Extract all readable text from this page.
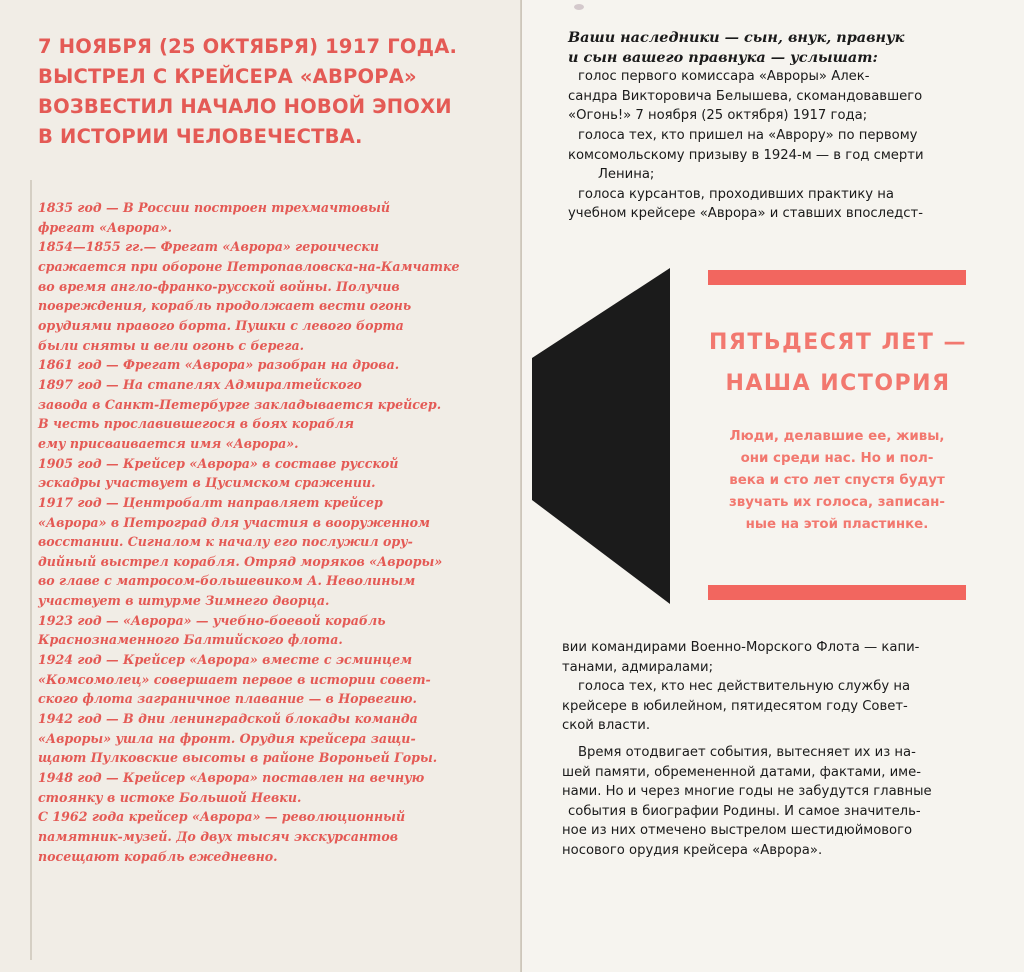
7 НОЯБРЯ (25 ОКТЯБРЯ) 1917 ГОДА.
ВЫСТРЕЛ С КРЕЙСЕРА «АВРОРА»
ВОЗВЕСТИЛ НАЧАЛО НОВОЙ ЭПОХИ
В ИСТОРИИ ЧЕЛОВЕЧЕСТВА.
1835 год — В России построен трехмачтовый
фрегат «Аврора».
1854—1855 гг.— Фрегат «Аврора» героически
сражается при обороне Петропавловска-на-Камчатке
во время англо-франко-русской войны. Получив
повреждения, корабль продолжает вести огонь
орудиями правого борта. Пушки с левого борта
были сняты и вели огонь с берега.
1861 год — Фрегат «Аврора» разобран на дрова.
1897 год — На стапелях Адмиралтейского
завода в Санкт-Петербурге закладывается крейсер.
В честь прославившегося в боях корабля
ему присваивается имя «Аврора».
1905 год — Крейсер «Аврора» в составе русской
эскадры участвует в Цусимском сражении.
1917 год — Центробалт направляет крейсер
«Аврора» в Петроград для участия в вооруженном
восстании. Сигналом к началу его послужил ору-
дийный выстрел корабля. Отряд моряков «Авроры»
во главе с матросом-большевиком А. Неволиным
участвует в штурме Зимнего дворца.
1923 год — «Аврора» — учебно-боевой корабль
Краснознаменного Балтийского флота.
1924 год — Крейсер «Аврора» вместе с эсминцем
«Комсомолец» совершает первое в истории совет-
ского флота заграничное плавание — в Норвегию.
1942 год — В дни ленинградской блокады команда
«Авроры» ушла на фронт. Орудия крейсера защи-
щают Пулковские высоты в районе Вороньей Горы.
1948 год — Крейсер «Аврора» поставлен на вечную
стоянку в истоке Большой Невки.
С 1962 года крейсер «Аврора» — революционный
памятник-музей. До двух тысяч экскурсантов
посещают корабль ежедневно.
Ваши наследники — сын, внук, правнук
и сын вашего правнука — услышат:
голос первого комиссара «Авроры» Алек-
сандра Викторовича Белышева, скомандовавшего
«Огонь!» 7 ноября (25 октября) 1917 года;
голоса тех, кто пришел на «Аврору» по первому
комсомольскому призыву в 1924-м — в год смерти
Ленина;
голоса курсантов, проходивших практику на
учебном крейсере «Аврора» и ставших впоследст-
ПЯТЬДЕСЯТ ЛЕТ —
НАША ИСТОРИЯ
Люди, делавшие ее, живы,
они среди нас. Но и пол-
века и сто лет спустя будут
звучать их голоса, записан-
ные на этой пластинке.
вии командирами Военно-Морского Флота — капи-
танами, адмиралами;
голоса тех, кто нес действительную службу на
крейсере в юбилейном, пятидесятом году Совет-
ской власти.
Время отодвигает события, вытесняет их из на-
шей памяти, обремененной датами, фактами, име-
нами. Но и через многие годы не забудутся главные
события в биографии Родины. И самое значитель-
ное из них отмечено выстрелом шестидюймового
носового орудия крейсера «Аврора».
